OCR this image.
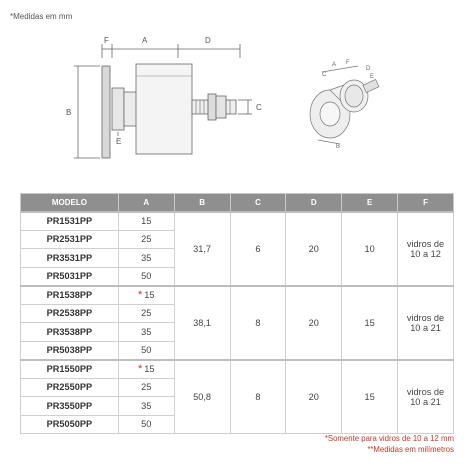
*Medidas em mm
F	A	D
B
E
C
A
C
F
D
E
B
MODELO	A	B	C	D	E	F
PR1531PP	15	31,7	6	20	10	vidros de 10 a 12
PR2531PP	25					
PR3531PP	35					
PR5031PP	50					
PR1538PP	* 15	38,1	8	20	15	vidros de 10 a 21
PR2538PP	25					
PR3538PP	35					
PR5038PP	50					
PR1550PP	* 15	50,8	8	20	15	vidros de 10 a 21
PR2550PP	25					
PR3550PP	35					
PR5050PP	50					
*Somente para vidros de 10 a 12 mm
**Medidas em milímetros
